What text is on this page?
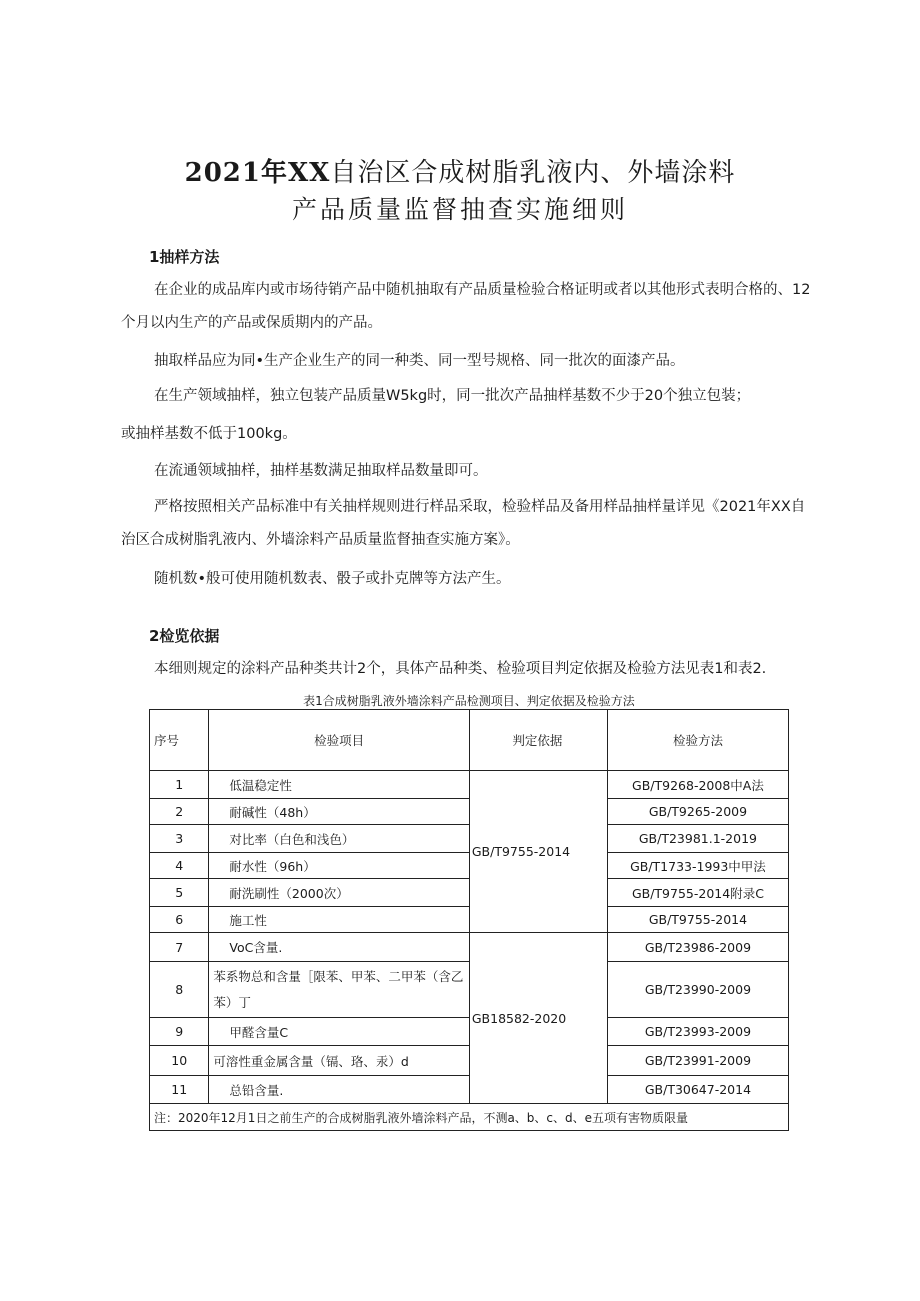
2021年XX自治区合成树脂乳液内、外墙涂料
产品质量监督抽查实施细则
1抽样方法
在企业的成品库内或市场待销产品中随机抽取有产品质量检验合格证明或者以其他形式表明合格的、12个月以内生产的产品或保质期内的产品。
抽取样品应为同•生产企业生产的同一种类、同一型号规格、同一批次的面漆产品。
在生产领域抽样，独立包装产品质量W5kg时，同一批次产品抽样基数不少于20个独立包装；
或抽样基数不低于100kg。
在流通领域抽样，抽样基数满足抽取样品数量即可。
严格按照相关产品标准中有关抽样规则进行样品采取，检验样品及备用样品抽样量详见《2021年XX自治区合成树脂乳液内、外墙涂料产品质量监督抽查实施方案》。
随机数•般可使用随机数表、骰子或扑克牌等方法产生。
2检览依据
本细则规定的涂料产品种类共计2个，具体产品种类、检验项目判定依据及检验方法见表1和表2.
表1合成树脂乳液外墙涂料产品检测项目、判定依据及检验方法
序号	检验项目	判定依据	检验方法
1	低温稳定性	GB/T9755-2014	GB/T9268-2008中A法
2	耐碱性（48h）		GB/T9265-2009
3	对比率（白色和浅色）		GB/T23981.1-2019
4	耐水性（96h）		GB/T1733-1993中甲法
5	耐洗刷性（2000次）		GB/T9755-2014附录C
6	施工性		GB/T9755-2014
7	VoC含量.	GB18582-2020	GB/T23986-2009
8	苯系物总和含量［限苯、甲苯、二甲苯（含乙苯）丁		GB/T23990-2009
9	甲醛含量C		GB/T23993-2009
10	可溶性重金属含量（镉、珞、汞）d		GB/T23991-2009
11	总铅含量.		GB/T30647-2014
注：2020年12月1日之前生产的合成树脂乳液外墙涂料产品，不测a、b、c、d、e五项有害物质限量			
